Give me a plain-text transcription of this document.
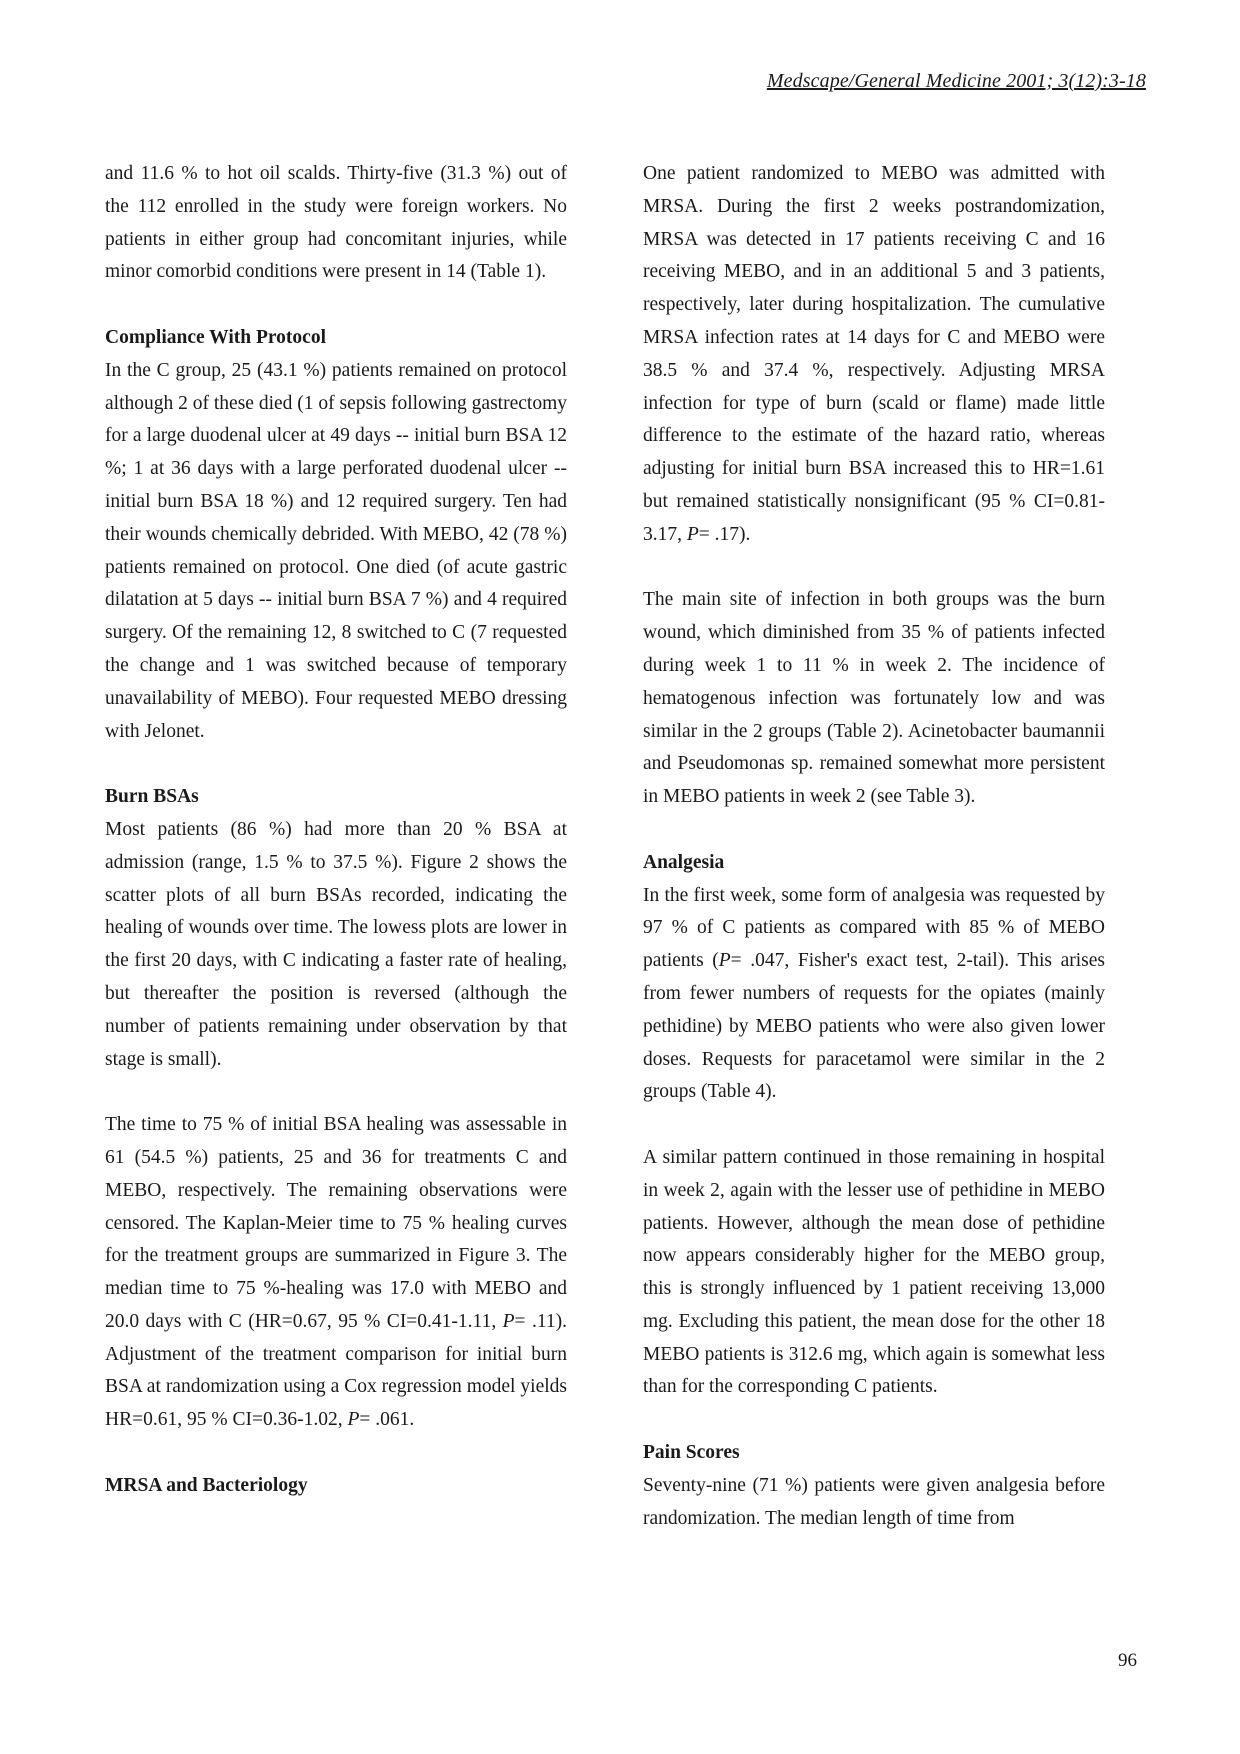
Medscape/General Medicine 2001; 3(12):3-18

and 11.6 % to hot oil scalds. Thirty-five (31.3 %) out of the 112 enrolled in the study were foreign workers. No patients in either group had concomitant injuries, while minor comorbid conditions were present in 14 (Table 1).

Compliance With Protocol

In the C group, 25 (43.1 %) patients remained on protocol although 2 of these died (1 of sepsis following gastrectomy for a large duodenal ulcer at 49 days -- initial burn BSA 12 %; 1 at 36 days with a large perforated duodenal ulcer -- initial burn BSA 18 %) and 12 required surgery. Ten had their wounds chemically debrided. With MEBO, 42 (78 %) patients remained on protocol. One died (of acute gastric dilatation at 5 days -- initial burn BSA 7 %) and 4 required surgery. Of the remaining 12, 8 switched to C (7 requested the change and 1 was switched because of temporary unavailability of MEBO). Four requested MEBO dressing with Jelonet.

Burn BSAs

Most patients (86 %) had more than 20 % BSA at admission (range, 1.5 % to 37.5 %). Figure 2 shows the scatter plots of all burn BSAs recorded, indicating the healing of wounds over time. The lowess plots are lower in the first 20 days, with C indicating a faster rate of healing, but thereafter the position is reversed (although the number of patients remaining under observation by that stage is small).

The time to 75 % of initial BSA healing was assessable in 61 (54.5 %) patients, 25 and 36 for treatments C and MEBO, respectively. The remaining observations were censored. The Kaplan-Meier time to 75 % healing curves for the treatment groups are summarized in Figure 3. The median time to 75 %-healing was 17.0 with MEBO and 20.0 days with C (HR=0.67, 95 % CI=0.41-1.11, P= .11). Adjustment of the treatment comparison for initial burn BSA at randomization using a Cox regression model yields HR=0.61, 95 % CI=0.36-1.02, P= .061.

MRSA and Bacteriology

One patient randomized to MEBO was admitted with MRSA. During the first 2 weeks postrandomization, MRSA was detected in 17 patients receiving C and 16 receiving MEBO, and in an additional 5 and 3 patients, respectively, later during hospitalization. The cumulative MRSA infection rates at 14 days for C and MEBO were 38.5 % and 37.4 %, respectively. Adjusting MRSA infection for type of burn (scald or flame) made little difference to the estimate of the hazard ratio, whereas adjusting for initial burn BSA increased this to HR=1.61 but remained statistically nonsignificant (95 % CI=0.81-3.17, P= .17).

The main site of infection in both groups was the burn wound, which diminished from 35 % of patients infected during week 1 to 11 % in week 2. The incidence of hematogenous infection was fortunately low and was similar in the 2 groups (Table 2). Acinetobacter baumannii and Pseudomonas sp. remained somewhat more persistent in MEBO patients in week 2 (see Table 3).

Analgesia

In the first week, some form of analgesia was requested by 97 % of C patients as compared with 85 % of MEBO patients (P= .047, Fisher's exact test, 2-tail). This arises from fewer numbers of requests for the opiates (mainly pethidine) by MEBO patients who were also given lower doses. Requests for paracetamol were similar in the 2 groups (Table 4).

A similar pattern continued in those remaining in hospital in week 2, again with the lesser use of pethidine in MEBO patients. However, although the mean dose of pethidine now appears considerably higher for the MEBO group, this is strongly influenced by 1 patient receiving 13,000 mg. Excluding this patient, the mean dose for the other 18 MEBO patients is 312.6 mg, which again is somewhat less than for the corresponding C patients.

Pain Scores

Seventy-nine (71 %) patients were given analgesia before randomization. The median length of time from

96
